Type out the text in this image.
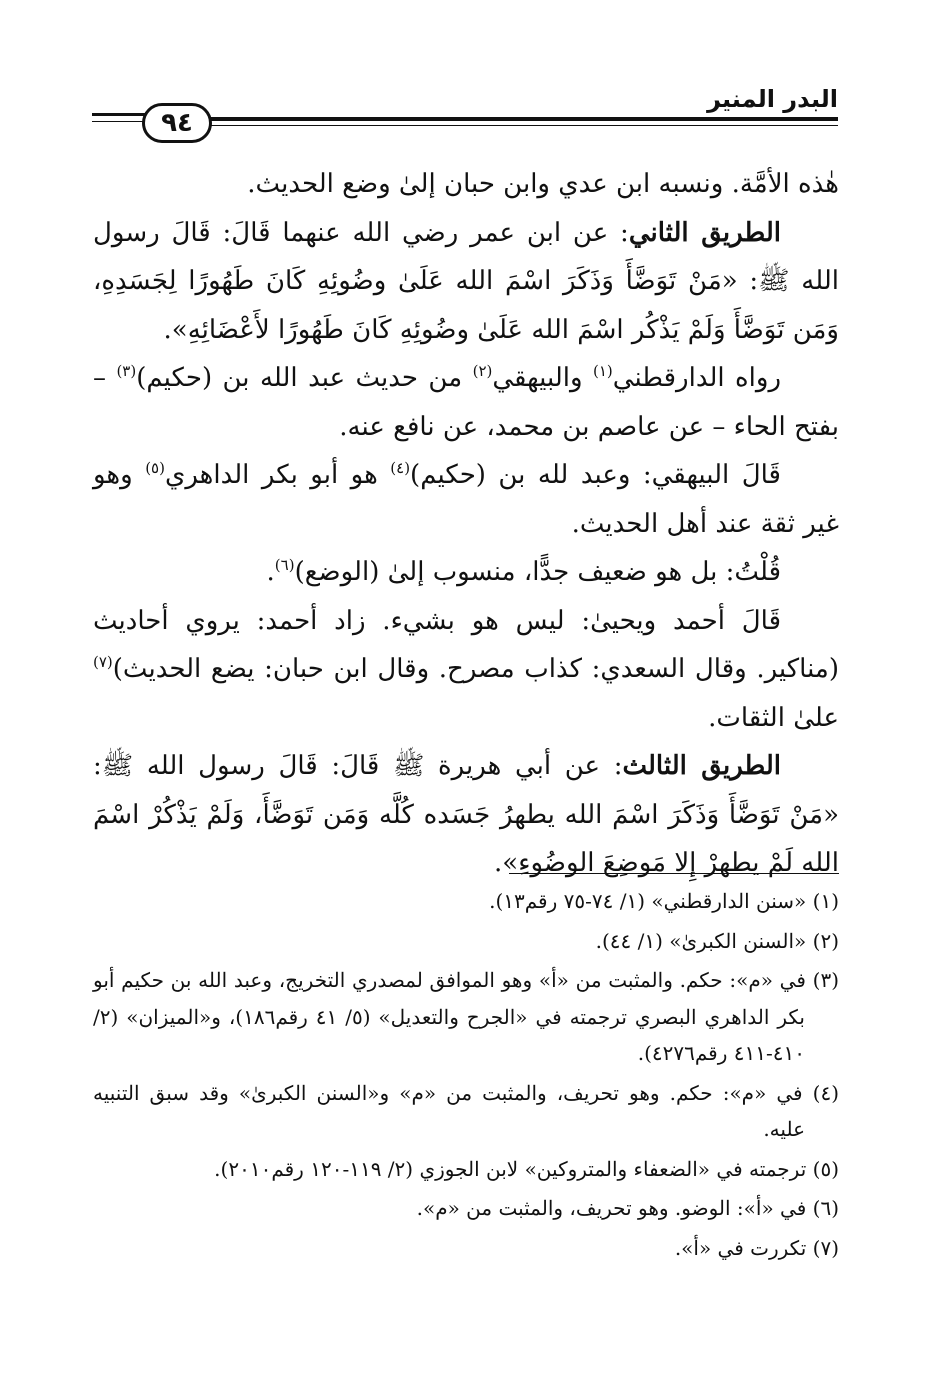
البدر المنير
٩٤

هٰذه الأمَّة. ونسبه ابن عدي وابن حبان إلىٰ وضع الحديث.

الطريق الثاني: عن ابن عمر رضي الله عنهما قَالَ: قَالَ رسول الله ﷺ: «مَنْ تَوَضَّأَ وَذَكَرَ اسْمَ الله عَلَىٰ وضُوئِهِ كَانَ طَهُورًا لِجَسَدِهِ، وَمَن تَوَضَّأَ وَلَمْ يَذْكُر اسْمَ الله عَلَىٰ وضُوئِهِ كَانَ طَهُورًا لأَعْضَائِهِ».

رواه الدارقطني$^{(١)}$ والبيهقي$^{(٢)}$ من حديث عبد الله بن (حكيم)$^{(٣)}$ – بفتح الحاء – عن عاصم بن محمد، عن نافع عنه.

قَالَ البيهقي: وعبد لله بن (حكيم)$^{(٤)}$ هو أبو بكر الداهري$^{(٥)}$ وهو غير ثقة عند أهل الحديث.

قُلْتُ: بل هو ضعيف جدًّا، منسوب إلىٰ (الوضع)$^{(٦)}$.

قَالَ أحمد ويحيىٰ: ليس هو بشيء. زاد أحمد: يروي أحاديث (مناكير. وقال السعدي: كذاب مصرح. وقال ابن حبان: يضع الحديث)$^{(٧)}$ علىٰ الثقات.

الطريق الثالث: عن أبي هريرة ﷺ قَالَ: قَالَ رسول الله ﷺ: «مَنْ تَوَضَّأَ وَذَكَرَ اسْمَ الله يطهرُ جَسَده كُلَّه وَمَن تَوَضَّأَ، وَلَمْ يَذْكُرْ اسْمَ الله لَمْ يطهرْ إِلا مَوضِعَ الوضُوءِ».

(١) «سنن الدارقطني» (١/ ٧٤-٧٥ رقم١٣).

(٢) «السنن الكبرىٰ» (١/ ٤٤).

(٣) في «م»: حكم. والمثبت من «أ» وهو الموافق لمصدري التخريج، وعبد الله بن حكيم أبو بكر الداهري البصري ترجمته في «الجرح والتعديل» (٥/ ٤١ رقم١٨٦)، و«الميزان» (٢/ ٤١٠-٤١١ رقم٤٢٧٦).

(٤) في «م»: حكم. وهو تحريف، والمثبت من «م» و«السنن الكبرىٰ» وقد سبق التنبيه عليه.

(٥) ترجمته في «الضعفاء والمتروكين» لابن الجوزي (٢/ ١١٩-١٢٠ رقم٢٠١٠).

(٦) في «أ»: الوضو. وهو تحريف، والمثبت من «م».

(٧) تكررت في «أ».
